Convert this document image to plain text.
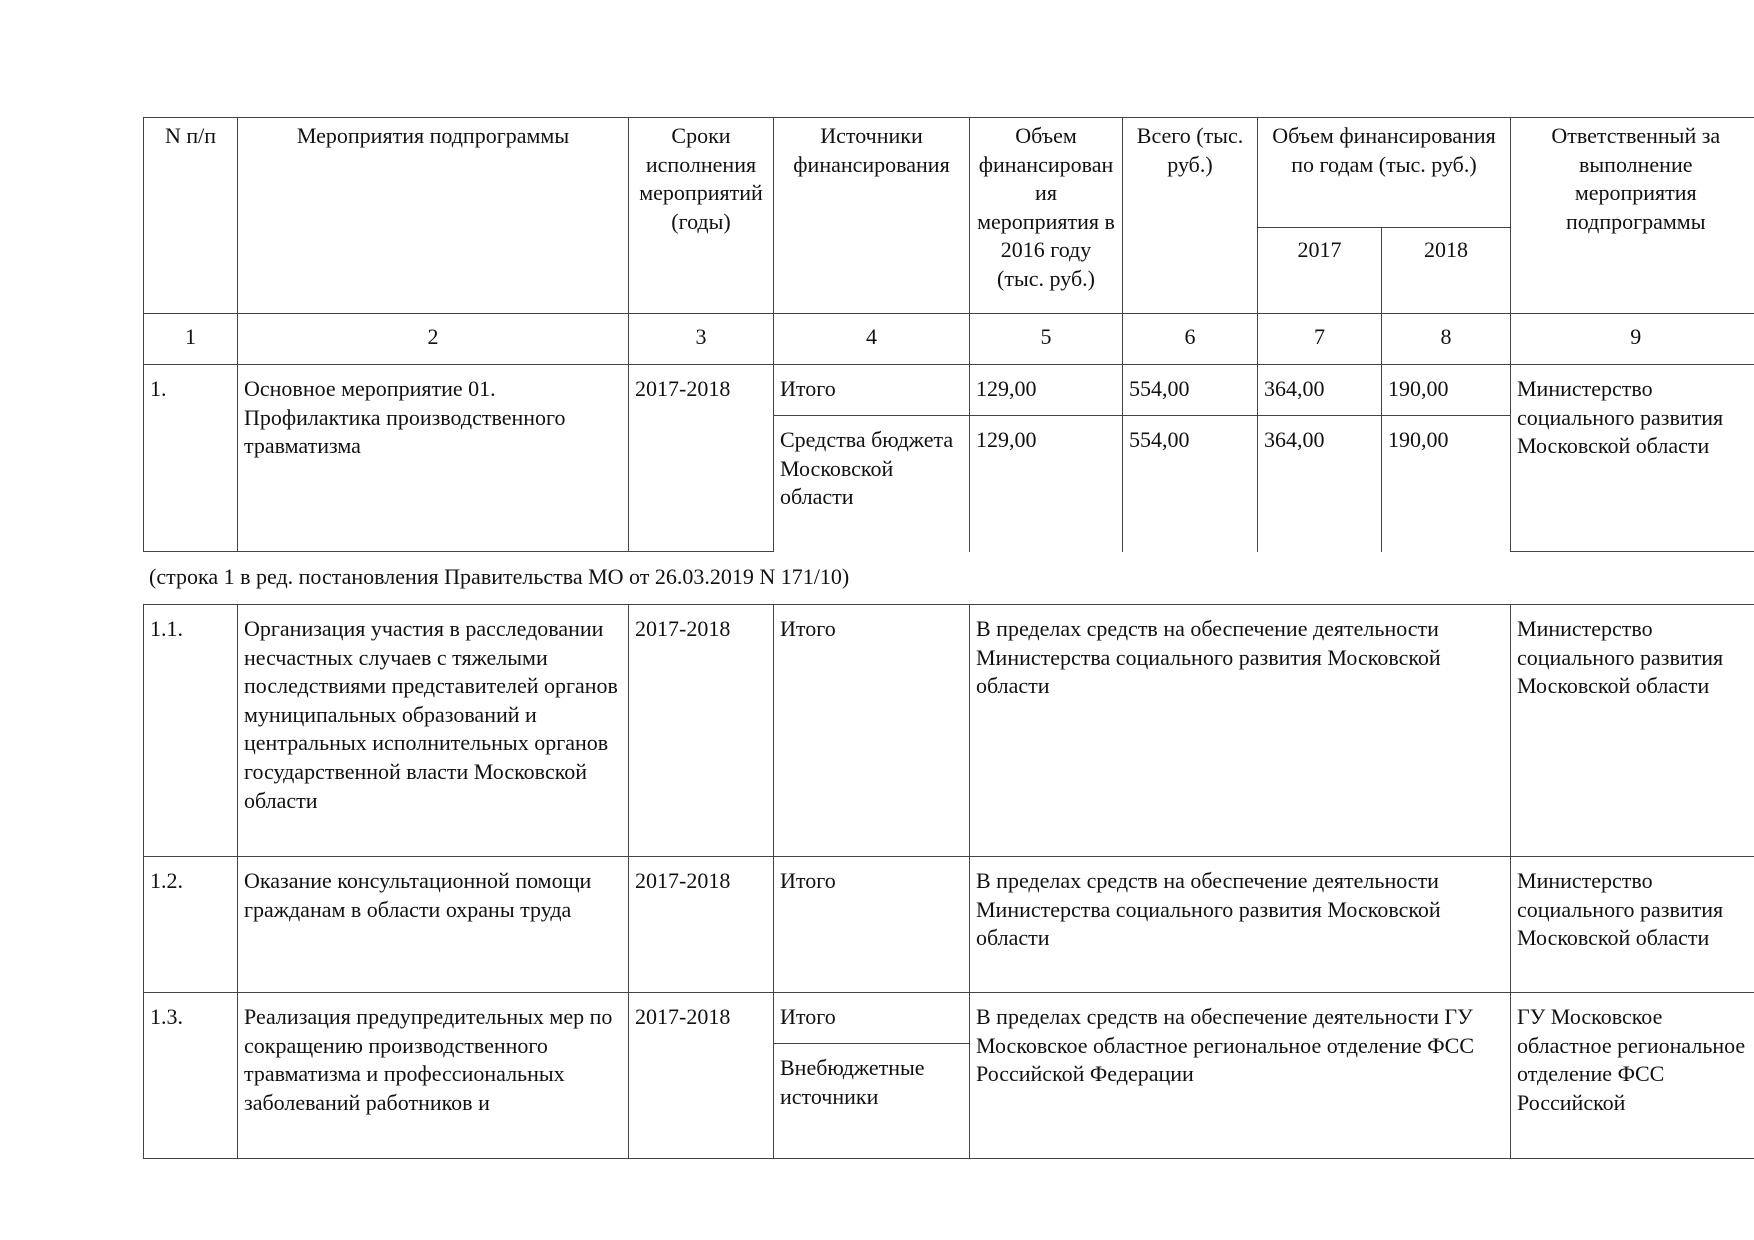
N п/п	Мероприятия подпрограммы	Сроки исполнения мероприятий (годы)	Источники финансирования	Объем финансирования мероприятия в 2016 году (тыс. руб.)	Всего (тыс. руб.)	Объем финансирования по годам (тыс. руб.)		Ответственный за выполнение мероприятия подпрограммы
						2017	2018	
1	2	3	4	5	6	7	8	9
1.	Основное мероприятие 01. Профилактика производственного травматизма	2017-2018	Итого	129,00	554,00	364,00	190,00	Министерство социального развития Московской области
			Средства бюджета Московской области	129,00	554,00	364,00	190,00	
(строка 1 в ред. постановления Правительства МО от 26.03.2019 N 171/10)
1.1.	Организация участия в расследовании несчастных случаев с тяжелыми последствиями представителей органов муниципальных образований и центральных исполнительных органов государственной власти Московской области	2017-2018	Итого	В пределах средств на обеспечение деятельности Министерства социального развития Московской области	Министерство социального развития Московской области
1.2.	Оказание консультационной помощи гражданам в области охраны труда	2017-2018	Итого	В пределах средств на обеспечение деятельности Министерства социального развития Московской области	Министерство социального развития Московской области
1.3.	Реализация предупредительных мер по сокращению производственного травматизма и профессиональных заболеваний работников и	2017-2018	Итого	В пределах средств на обеспечение деятельности ГУ Московское областное региональное отделение ФСС Российской Федерации	ГУ Московское областное региональное отделение ФСС Российской
			Внебюджетные источники		
